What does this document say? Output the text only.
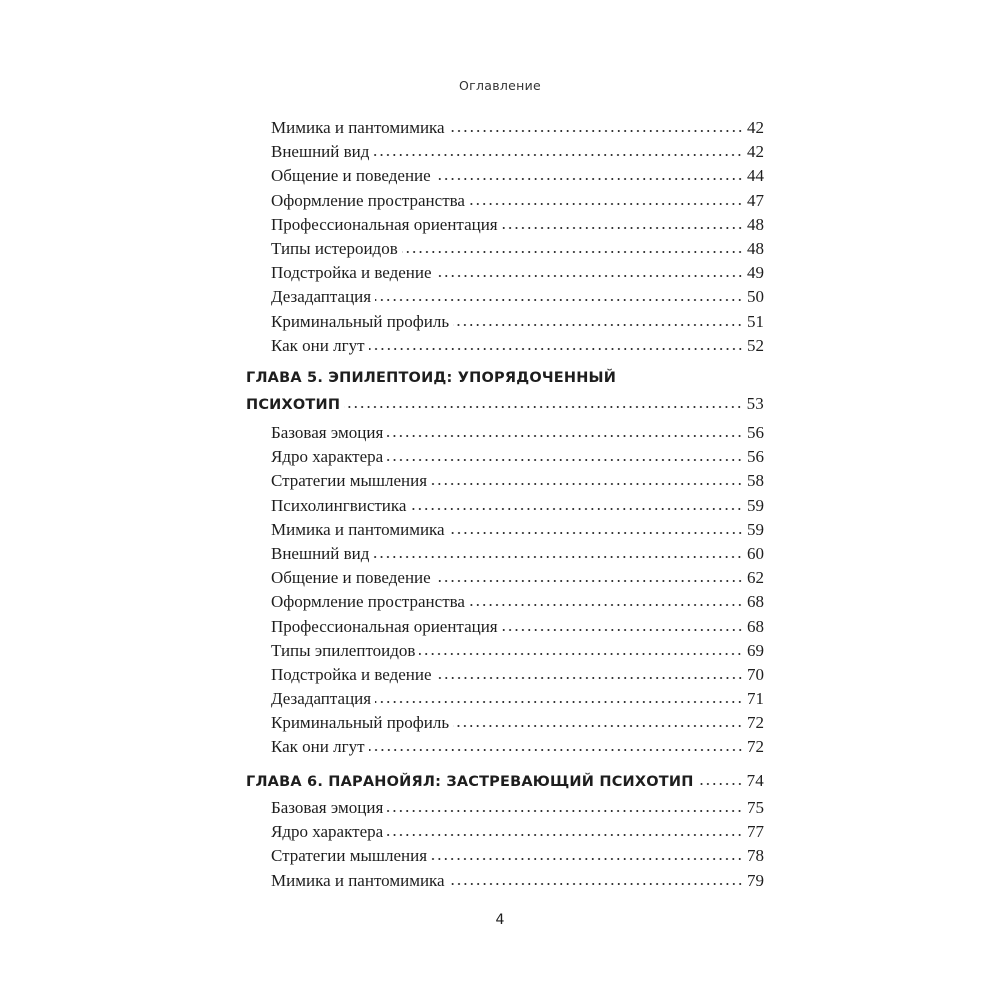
Оглавление
Мимика и пантомимика	42
Внешний вид	42
Общение и поведение	44
Оформление пространства	47
Профессиональная ориентация	48
Типы истероидов	48
Подстройка и ведение	49
Дезадаптация	50
Криминальный профиль	51
Как они лгут	52
ГЛАВА 5. ЭПИЛЕПТОИД: УПОРЯДОЧЕННЫЙ
ПСИХОТИП	53
Базовая эмоция	56
Ядро характера	56
Стратегии мышления	58
Психолингвистика	59
Мимика и пантомимика	59
Внешний вид	60
Общение и поведение	62
Оформление пространства	68
Профессиональная ориентация	68
Типы эпилептоидов	69
Подстройка и ведение	70
Дезадаптация	71
Криминальный профиль	72
Как они лгут	72
ГЛАВА 6. ПАРАНОЙЯЛ: ЗАСТРЕВАЮЩИЙ ПСИХОТИП	74
Базовая эмоция	75
Ядро характера	77
Стратегии мышления	78
Мимика и пантомимика	79
4
